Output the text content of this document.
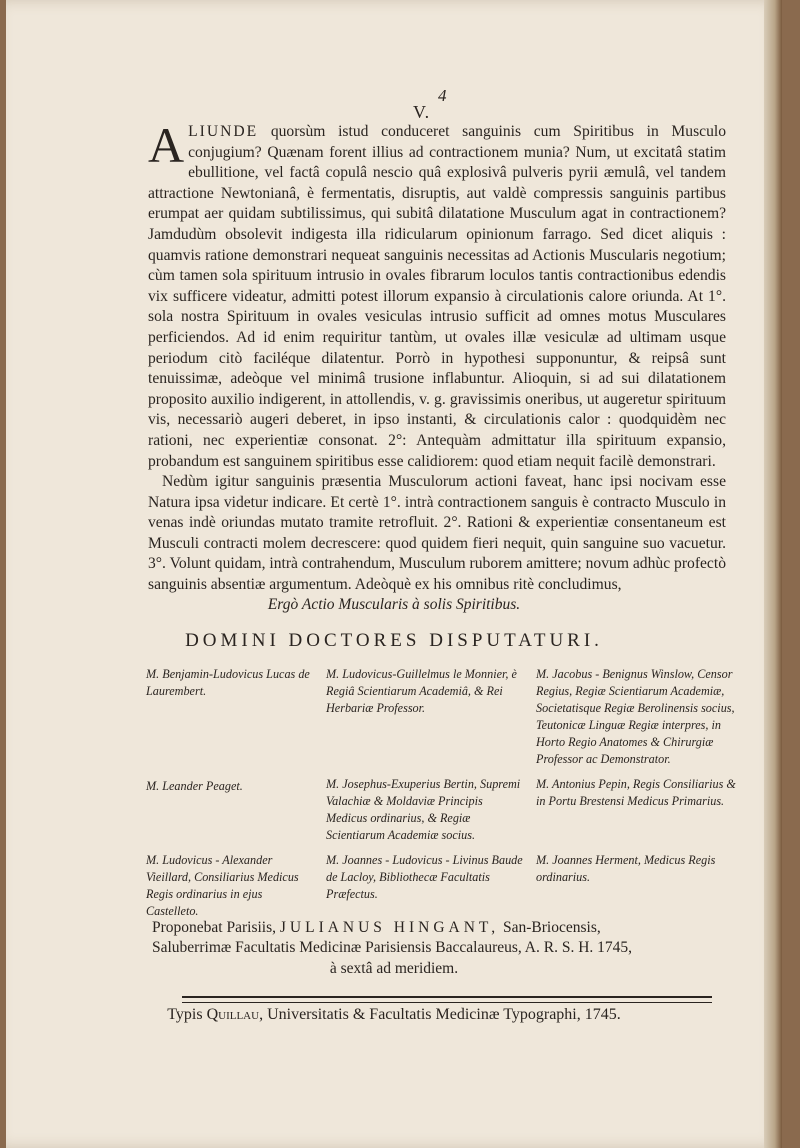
4
V.

ALIUNDE quorsùm istud conduceret sanguinis cum Spiritibus in Musculo conjugium? Quænam forent illius ad contractionem munia? Num, ut excitatâ statim ebullitione, vel factâ copulâ nescio quâ explosivâ pulveris pyrii æmulâ, vel tandem attractione Newtonianâ, è fermentatis, disruptis, aut valdè compressis sanguinis partibus erumpat aer quidam subtilissimus, qui subitâ dilatatione Musculum agat in contractionem? Jamdudùm obsolevit indigesta illa ridicularum opinionum farrago. Sed dicet aliquis : quamvis ratione demonstrari nequeat sanguinis necessitas ad Actionis Muscularis negotium; cùm tamen sola spirituum intrusio in ovales fibrarum loculos tantis contractionibus edendis vix sufficere videatur, admitti potest illorum expansio à circulationis calore oriunda. At 1°. sola nostra Spirituum in ovales vesiculas intrusio sufficit ad omnes motus Musculares perficiendos. Ad id enim requiritur tantùm, ut ovales illæ vesiculæ ad ultimam usque periodum citò faciléque dilatentur. Porrò in hypothesi supponuntur, & reipsâ sunt tenuissimæ, adeòque vel minimâ trusione inflabuntur. Alioquin, si ad sui dilatationem proposito auxilio indigerent, in attollendis, v. g. gravissimis oneribus, ut augeretur spirituum vis, necessariò augeri deberet, in ipso instanti, & circulationis calor : quodquidèm nec rationi, nec experientiæ consonat. 2°: Antequàm admittatur illa spirituum expansio, probandum est sanguinem spiritibus esse calidiorem: quod etiam nequit facilè demonstrari.

Nedùm igitur sanguinis præsentia Musculorum actioni faveat, hanc ipsi nocivam esse Natura ipsa videtur indicare. Et certè 1°. intrà contractionem sanguis è contracto Musculo in venas indè oriundas mutato tramite retrofluit. 2°. Rationi & experientiæ consentaneum est Musculi contracti molem decrescere: quod quidem fieri nequit, quin sanguine suo vacuetur. 3°. Volunt quidam, intrà contrahendum, Musculum ruborem amittere; novum adhùc profectò sanguinis absentiæ argumentum. Adeòquè ex his omnibus ritè concludimus,

Ergò Actio Muscularis à solis Spiritibus.
DOMINI DOCTORES DISPUTATURI.
M. Benjamin-Ludovicus Lucas de Laurembert.
M. Ludovicus-Guillelmus le Monnier, è Regiâ Scientiarum Academiâ, & Rei Herbariæ Professor.
M. Jacobus - Benignus Winslow, Censor Regius, Regiæ Scientiarum Academiæ, Societatisque Regiæ Berolinensis socius, Teutonicæ Linguæ Regiæ interpres, in Horto Regio Anatomes & Chirurgiæ Professor ac Demonstrator.
M. Leander Peaget.	M. Josephus-Exuperius Bertin, Supremi Valachiæ & Moldaviæ Principis Medicus ordinarius, & Regiæ Scientiarum Academiæ socius.
M. Antonius Pepin, Regis Consiliarius & in Portu Brestensi Medicus Primarius.
M. Ludovicus - Alexander Vieillard, Consiliarius Medicus Regis ordinarius in ejus Castelleto.
M. Joannes - Ludovicus - Livinus Baude de Lacloy, Bibliothecæ Facultatis Præfectus.
M. Joannes Herment, Medicus Regis ordinarius.
Proponebat Parisiis, JULIANUS HINGANT, San-Briocensis,
Saluberrimæ Facultatis Medicinæ Parisiensis Baccalaureus, A. R. S. H. 1745,
à sextâ ad meridiem.
Typis Quillau, Universitatis & Facultatis Medicinæ Typographi, 1745.
